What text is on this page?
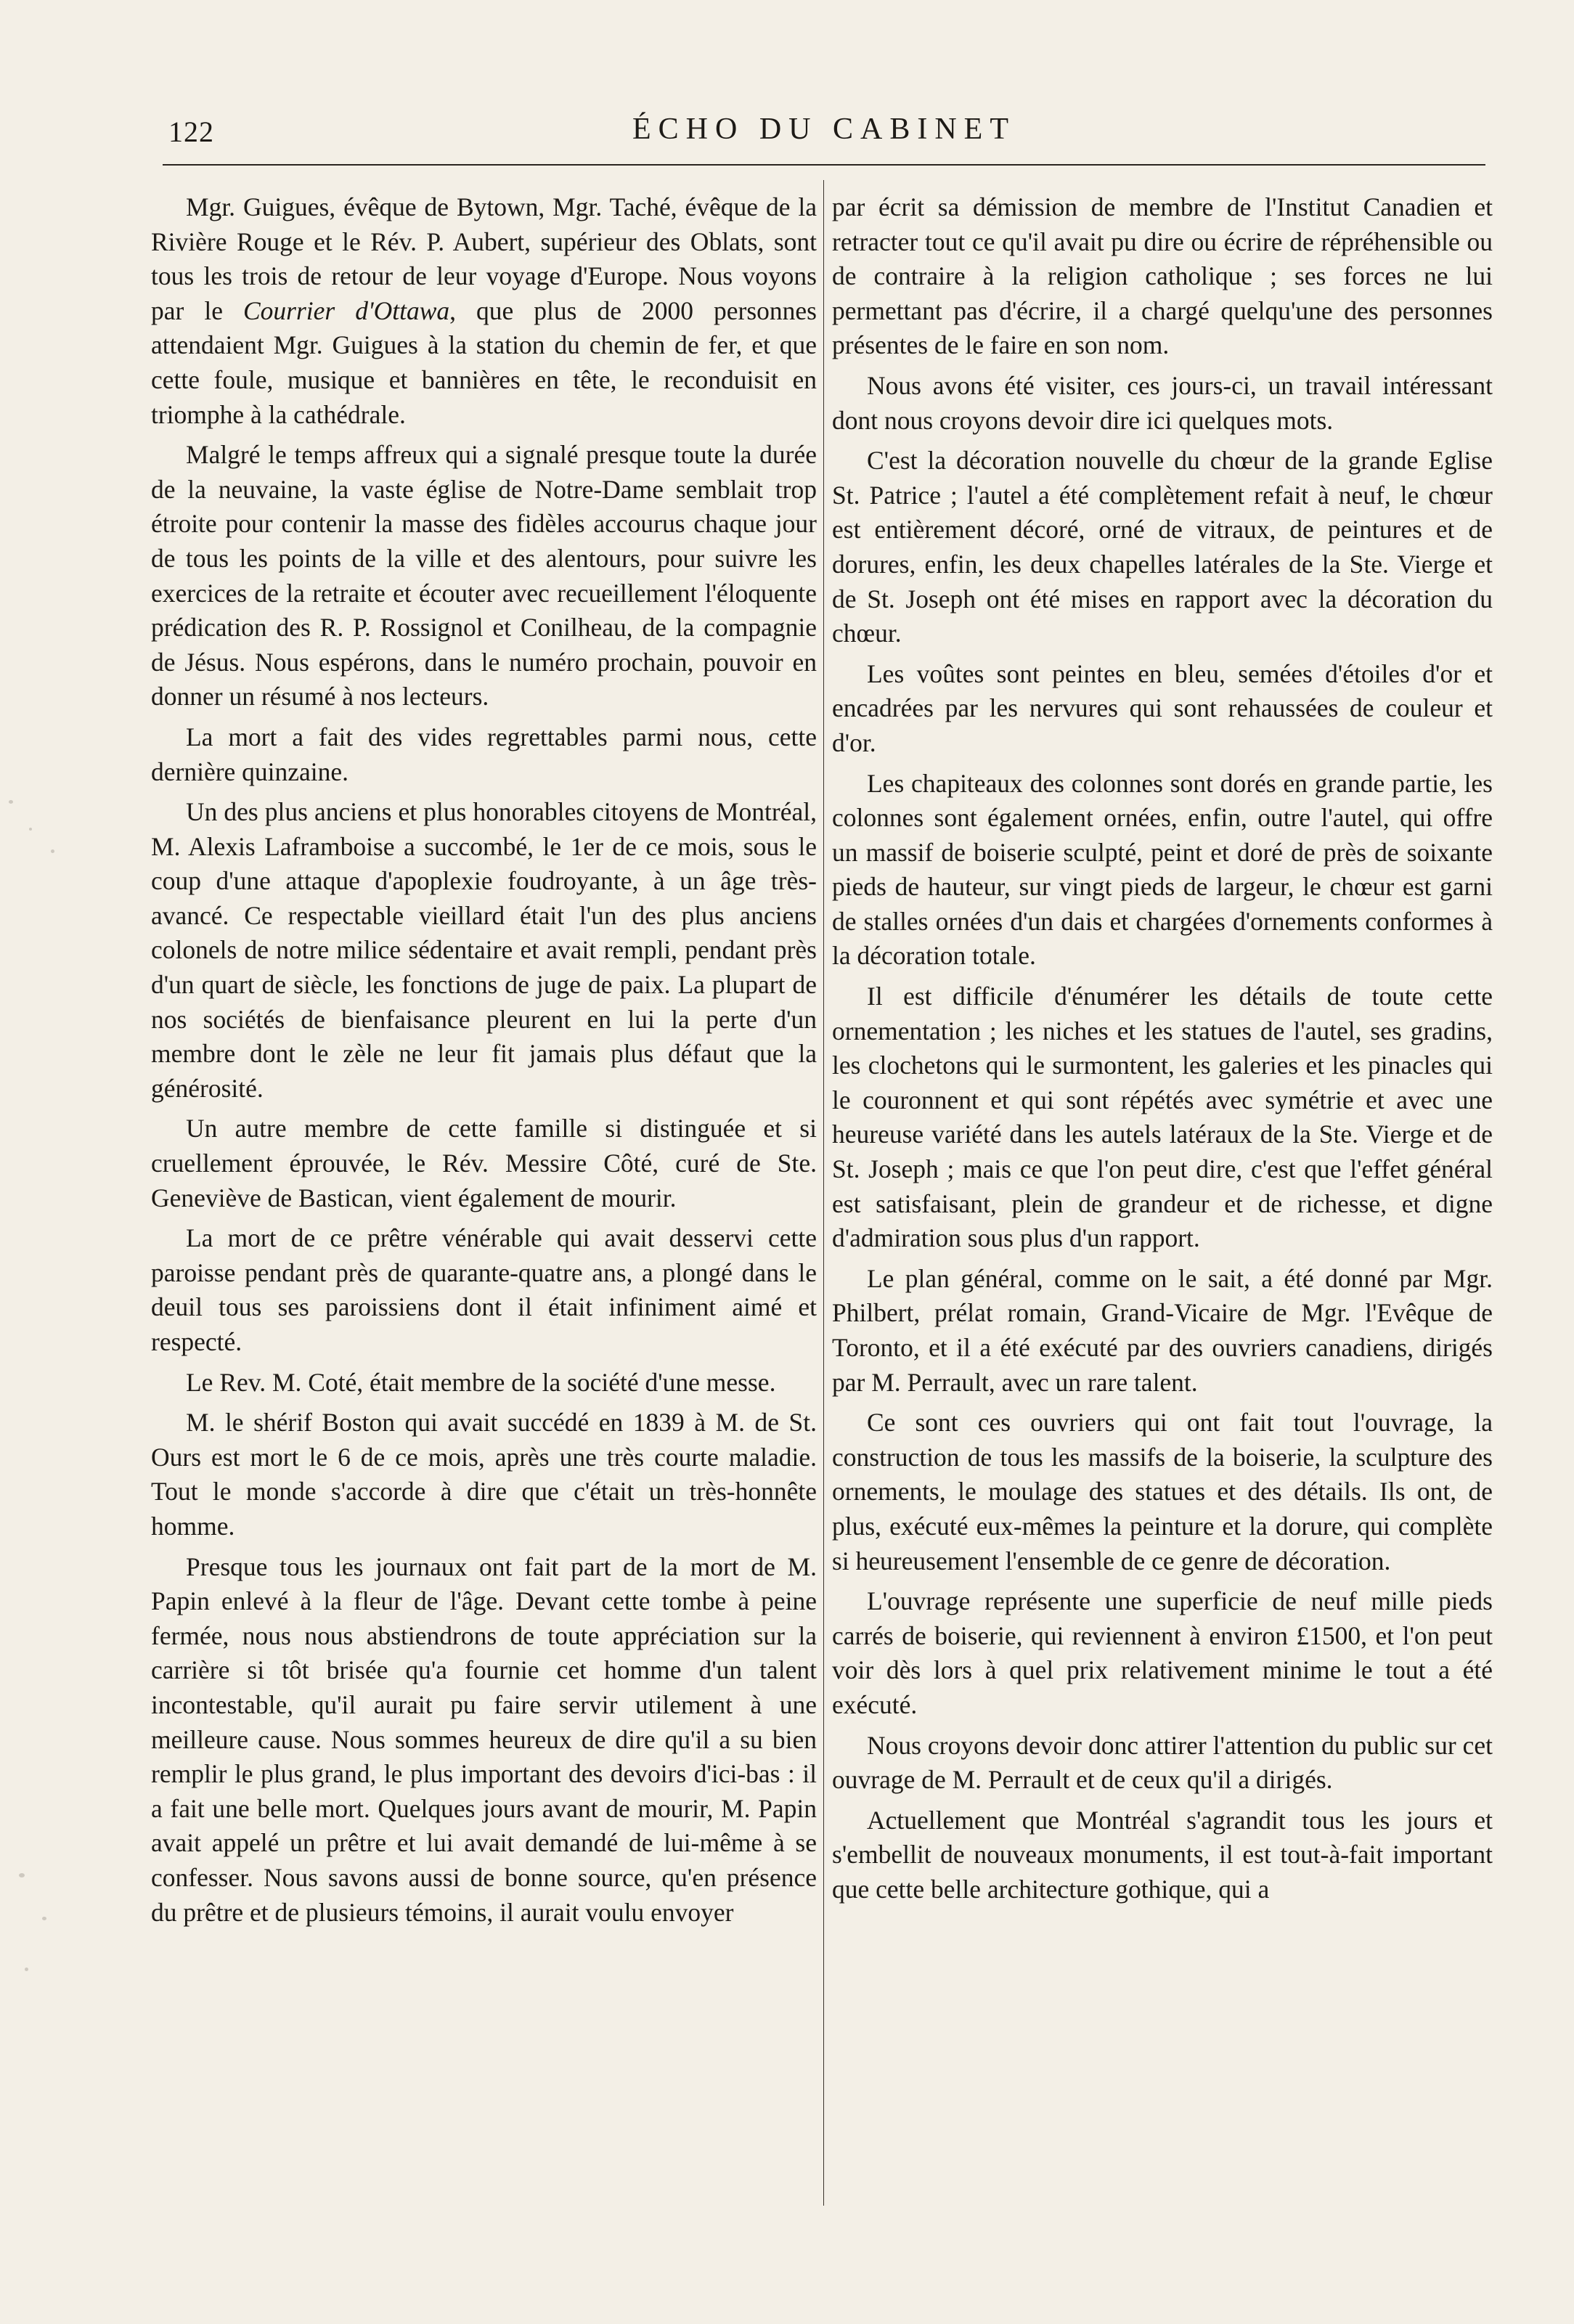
122	ÉCHO DU CABINET

Mgr. Guigues, évêque de Bytown, Mgr. Taché, évêque de la Rivière Rouge et le Rév. P. Aubert, supérieur des Oblats, sont tous les trois de retour de leur voyage d'Europe. Nous voyons par le Courrier d'Ottawa, que plus de 2000 personnes attendaient Mgr. Guigues à la station du chemin de fer, et que cette foule, musique et bannières en tête, le reconduisit en triomphe à la cathédrale.

Malgré le temps affreux qui a signalé presque toute la durée de la neuvaine, la vaste église de Notre-Dame semblait trop étroite pour contenir la masse des fidèles accourus chaque jour de tous les points de la ville et des alentours, pour suivre les exercices de la retraite et écouter avec recueillement l'éloquente prédication des R. P. Rossignol et Conilheau, de la compagnie de Jésus. Nous espérons, dans le numéro prochain, pouvoir en donner un résumé à nos lecteurs.

La mort a fait des vides regrettables parmi nous, cette dernière quinzaine.

Un des plus anciens et plus honorables citoyens de Montréal, M. Alexis Laframboise a succombé, le 1er de ce mois, sous le coup d'une attaque d'apoplexie foudroyante, à un âge très-avancé. Ce respectable vieillard était l'un des plus anciens colonels de notre milice sédentaire et avait rempli, pendant près d'un quart de siècle, les fonctions de juge de paix. La plupart de nos sociétés de bienfaisance pleurent en lui la perte d'un membre dont le zèle ne leur fit jamais plus défaut que la générosité.

Un autre membre de cette famille si distinguée et si cruellement éprouvée, le Rév. Messire Côté, curé de Ste. Geneviève de Bastican, vient également de mourir.

La mort de ce prêtre vénérable qui avait desservi cette paroisse pendant près de quarante-quatre ans, a plongé dans le deuil tous ses paroissiens dont il était infiniment aimé et respecté.

Le Rev. M. Coté, était membre de la société d'une messe.

M. le shérif Boston qui avait succédé en 1839 à M. de St. Ours est mort le 6 de ce mois, après une très courte maladie. Tout le monde s'accorde à dire que c'était un très-honnête homme.

Presque tous les journaux ont fait part de la mort de M. Papin enlevé à la fleur de l'âge. Devant cette tombe à peine fermée, nous nous abstiendrons de toute appréciation sur la carrière si tôt brisée qu'a fournie cet homme d'un talent incontestable, qu'il aurait pu faire servir utilement à une meilleure cause. Nous sommes heureux de dire qu'il a su bien remplir le plus grand, le plus important des devoirs d'ici-bas : il a fait une belle mort. Quelques jours avant de mourir, M. Papin avait appelé un prêtre et lui avait demandé de lui-même à se confesser. Nous savons aussi de bonne source, qu'en présence du prêtre et de plusieurs témoins, il aurait voulu envoyer

par écrit sa démission de membre de l'Institut Canadien et retracter tout ce qu'il avait pu dire ou écrire de répréhensible ou de contraire à la religion catholique ; ses forces ne lui permettant pas d'écrire, il a chargé quelqu'une des personnes présentes de le faire en son nom.

Nous avons été visiter, ces jours-ci, un travail intéressant dont nous croyons devoir dire ici quelques mots.

C'est la décoration nouvelle du chœur de la grande Eglise St. Patrice ; l'autel a été complètement refait à neuf, le chœur est entièrement décoré, orné de vitraux, de peintures et de dorures, enfin, les deux chapelles latérales de la Ste. Vierge et de St. Joseph ont été mises en rapport avec la décoration du chœur.

Les voûtes sont peintes en bleu, semées d'étoiles d'or et encadrées par les nervures qui sont rehaussées de couleur et d'or.

Les chapiteaux des colonnes sont dorés en grande partie, les colonnes sont également ornées, enfin, outre l'autel, qui offre un massif de boiserie sculpté, peint et doré de près de soixante pieds de hauteur, sur vingt pieds de largeur, le chœur est garni de stalles ornées d'un dais et chargées d'ornements conformes à la décoration totale.

Il est difficile d'énumérer les détails de toute cette ornementation ; les niches et les statues de l'autel, ses gradins, les clochetons qui le surmontent, les galeries et les pinacles qui le couronnent et qui sont répétés avec symétrie et avec une heureuse variété dans les autels latéraux de la Ste. Vierge et de St. Joseph ; mais ce que l'on peut dire, c'est que l'effet général est satisfaisant, plein de grandeur et de richesse, et digne d'admiration sous plus d'un rapport.

Le plan général, comme on le sait, a été donné par Mgr. Philbert, prélat romain, Grand-Vicaire de Mgr. l'Evêque de Toronto, et il a été exécuté par des ouvriers canadiens, dirigés par M. Perrault, avec un rare talent.

Ce sont ces ouvriers qui ont fait tout l'ouvrage, la construction de tous les massifs de la boiserie, la sculpture des ornements, le moulage des statues et des détails. Ils ont, de plus, exécuté eux-mêmes la peinture et la dorure, qui complète si heureusement l'ensemble de ce genre de décoration.

L'ouvrage représente une superficie de neuf mille pieds carrés de boiserie, qui reviennent à environ £1500, et l'on peut voir dès lors à quel prix relativement minime le tout a été exécuté.

Nous croyons devoir donc attirer l'attention du public sur cet ouvrage de M. Perrault et de ceux qu'il a dirigés.

Actuellement que Montréal s'agrandit tous les jours et s'embellit de nouveaux monuments, il est tout-à-fait important que cette belle architecture gothique, qui a
